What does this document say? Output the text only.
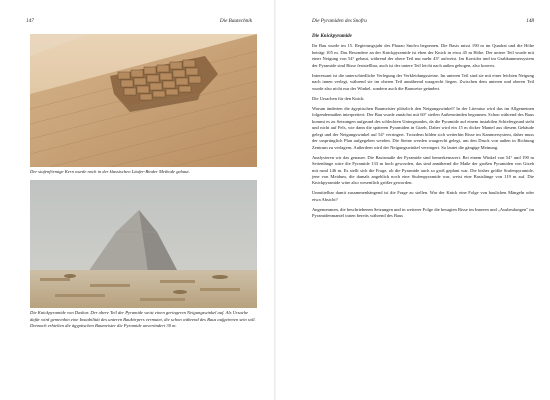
147	Die Bautechnik
Der stufenförmige Kern wurde noch in der klassischen Läufer-Binder Methode gebaut.
Die Knickpyramide von Dashur. Der obere Teil der Pyramide weist einen geringeren Neigungswinkel auf. Als Ursache dafür wird gemeinhin eine Instabilität des unteren Baukörpers vermutet, die schon während des Baus aufgetreten sein soll. Dennoch erhielten die ägyptischen Baumeister die Pyramide unverändert 30 m.
Die Pyramiden des Snofru	148
Die Knickpyramide

Ihr Bau wurde im 15. Regierungsjahr des Pharao Snofru begonnen. Die Basis misst 190 m im Quadrat und die Höhe beträgt 105 m. Das Besondere an der Knickpyramide ist eben der Knick in etwa 45 m Höhe. Der untere Teil wurde mit einer Neigung von 54° gebaut, während der obere Teil nur mehr 43° aufweist. Im Korridor und im Grabkammersystem der Pyramide sind Risse feststellbar, auch ist der untere Teil leicht nach außen gebogen, also konvex.

Interessant ist die unterschiedliche Verlegung der Verkleidungssteine. Im unteren Teil sind sie mit einer leichten Neigung nach innen verlegt, während sie im oberen Teil annähernd waagrecht liegen. Zwischen dem unteren und oberen Teil wurde also nicht nur der Winkel, sondern auch die Bauweise geändert.

Die Ursachen für den Knick:

Warum änderten die ägyptischen Baumeister plötzlich den Neigungswinkel? In der Literatur wird das im Allgemeinen folgendermaßen interpretiert: Der Bau wurde zunächst mit 60° steilen Außenwänden begonnen. Schon während des Baus kommt es zu Setzungen aufgrund des schlechten Untergrundes, da die Pyramide auf einem instabilen Schiefergrund steht und nicht auf Fels, wie dann die späteren Pyramiden in Gizeh. Daher wird ein 15 m dicker Mantel aus diesem Gebäude gelegt und der Neigungswinkel auf 54° verringert. Trotzdem bilden sich weiterhin Risse im Kammersystem, daher muss der ursprünglich Plan aufgegeben werden. Die Steine werden waagrecht gelegt, um den Druck von außen in Richtung Zentrum zu verlagern. Außerdem wird der Neigungswinkel verringert. So lautet die gängige Meinung.

Analysieren wir das genauer. Die Basismaße der Pyramide sind bemerkenswert. Bei einem Winkel von 54° und 190 m Seitenlänge wäre die Pyramide 133 m hoch geworden, das sind annähernd die Maße der großen Pyramiden von Gizeh mit rund 146 m. Es stellt sich die Frage, ob die Pyramide auch so groß geplant war. Die bisher größte Stufenpyramide, jene von Meidum, die damals angeblich noch eine Stufenpyramide war, weist eine Basislänge von 119 m auf. Die Knickpyramide wäre also wesentlich größer geworden.

Unmittelbar damit zusammenhängend ist die Frage zu stellen. War der Knick eine Folge von baulichen Mängeln oder etwa Absicht?

Angenommen, die beschriebenen Setzungen und in weiterer Folge die besagten Risse im Inneren und „Ausbeulungen" im Pyramidenmantel traten bereits während des Baus
